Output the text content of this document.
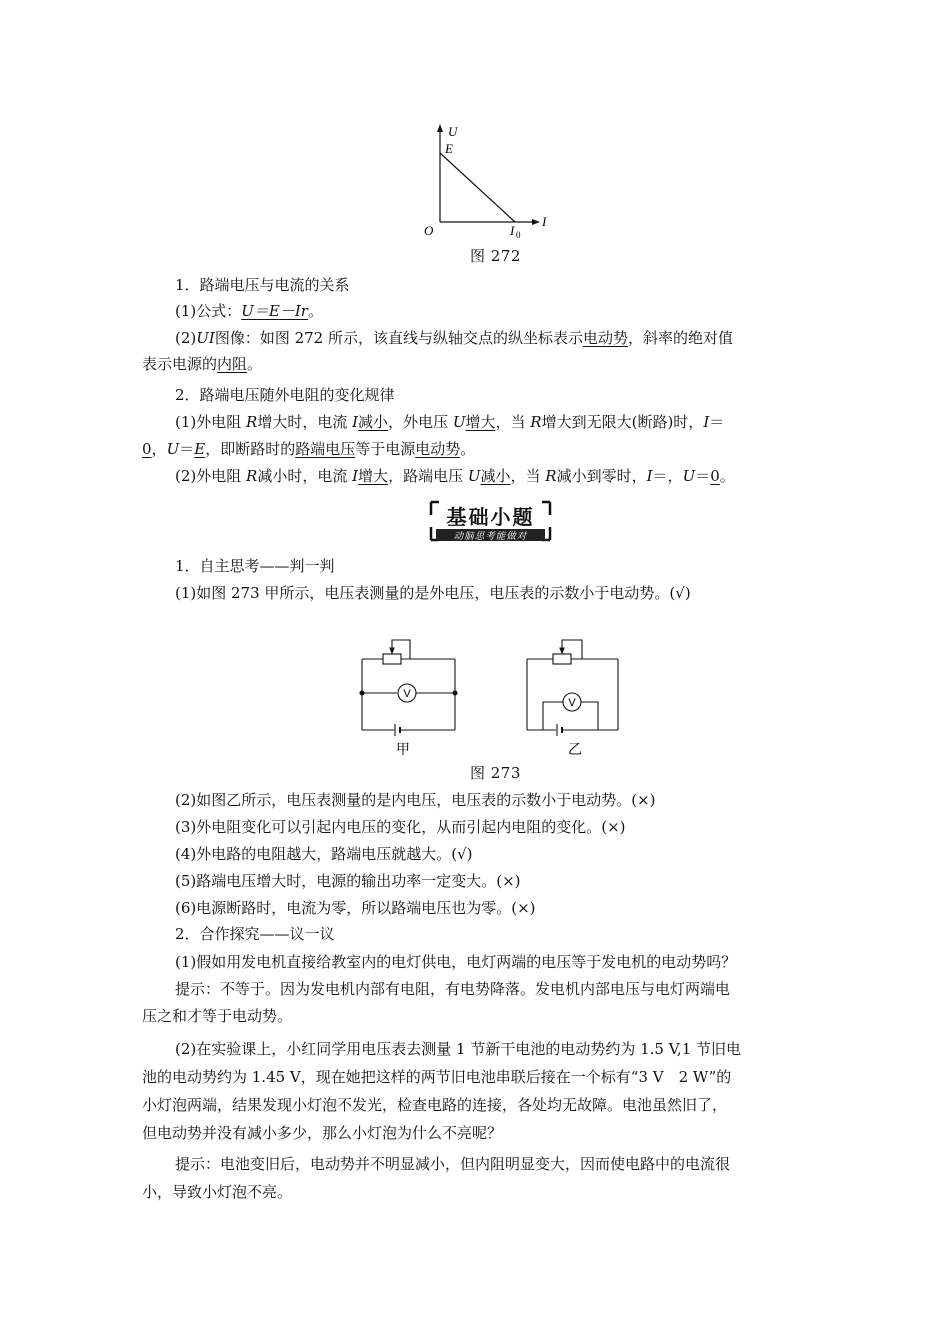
U
E
I
O	I 0
图 272
1．路端电压与电流的关系
(1)公式：U＝E－Ir。
(2)UI图像：如图 272 所示，该直线与纵轴交点的纵坐标表示电动势，斜率的绝对值
表示电源的内阻。
2．路端电压随外电阻的变化规律
(1)外电阻 R增大时，电流 I减小，外电压 U增大，当 R增大到无限大(断路)时，I＝
0，U＝E，即断路时的路端电压等于电源电动势。
(2)外电阻 R减小时，电流 I增大，路端电压 U减小，当 R减小到零时，I＝，U＝0。
基础小题
动脑思考能做对
1．自主思考——判一判
(1)如图 273 甲所示，电压表测量的是外电压，电压表的示数小于电动势。(√)
V
甲
V
乙
图 273
(2)如图乙所示，电压表测量的是内电压，电压表的示数小于电动势。(×)
(3)外电阻变化可以引起内电压的变化，从而引起内电阻的变化。(×)
(4)外电路的电阻越大，路端电压就越大。(√)
(5)路端电压增大时，电源的输出功率一定变大。(×)
(6)电源断路时，电流为零，所以路端电压也为零。(×)
2．合作探究——议一议
(1)假如用发电机直接给教室内的电灯供电，电灯两端的电压等于发电机的电动势吗？
提示：不等于。因为发电机内部有电阻，有电势降落。发电机内部电压与电灯两端电
压之和才等于电动势。
(2)在实验课上，小红同学用电压表去测量 1 节新干电池的电动势约为 1.5 V,1 节旧电
池的电动势约为 1.45 V，现在她把这样的两节旧电池串联后接在一个标有“3 V　2 W”的
小灯泡两端，结果发现小灯泡不发光，检查电路的连接，各处均无故障。电池虽然旧了，
但电动势并没有减小多少，那么小灯泡为什么不亮呢？
提示：电池变旧后，电动势并不明显减小，但内阻明显变大，因而使电路中的电流很
小，导致小灯泡不亮。
